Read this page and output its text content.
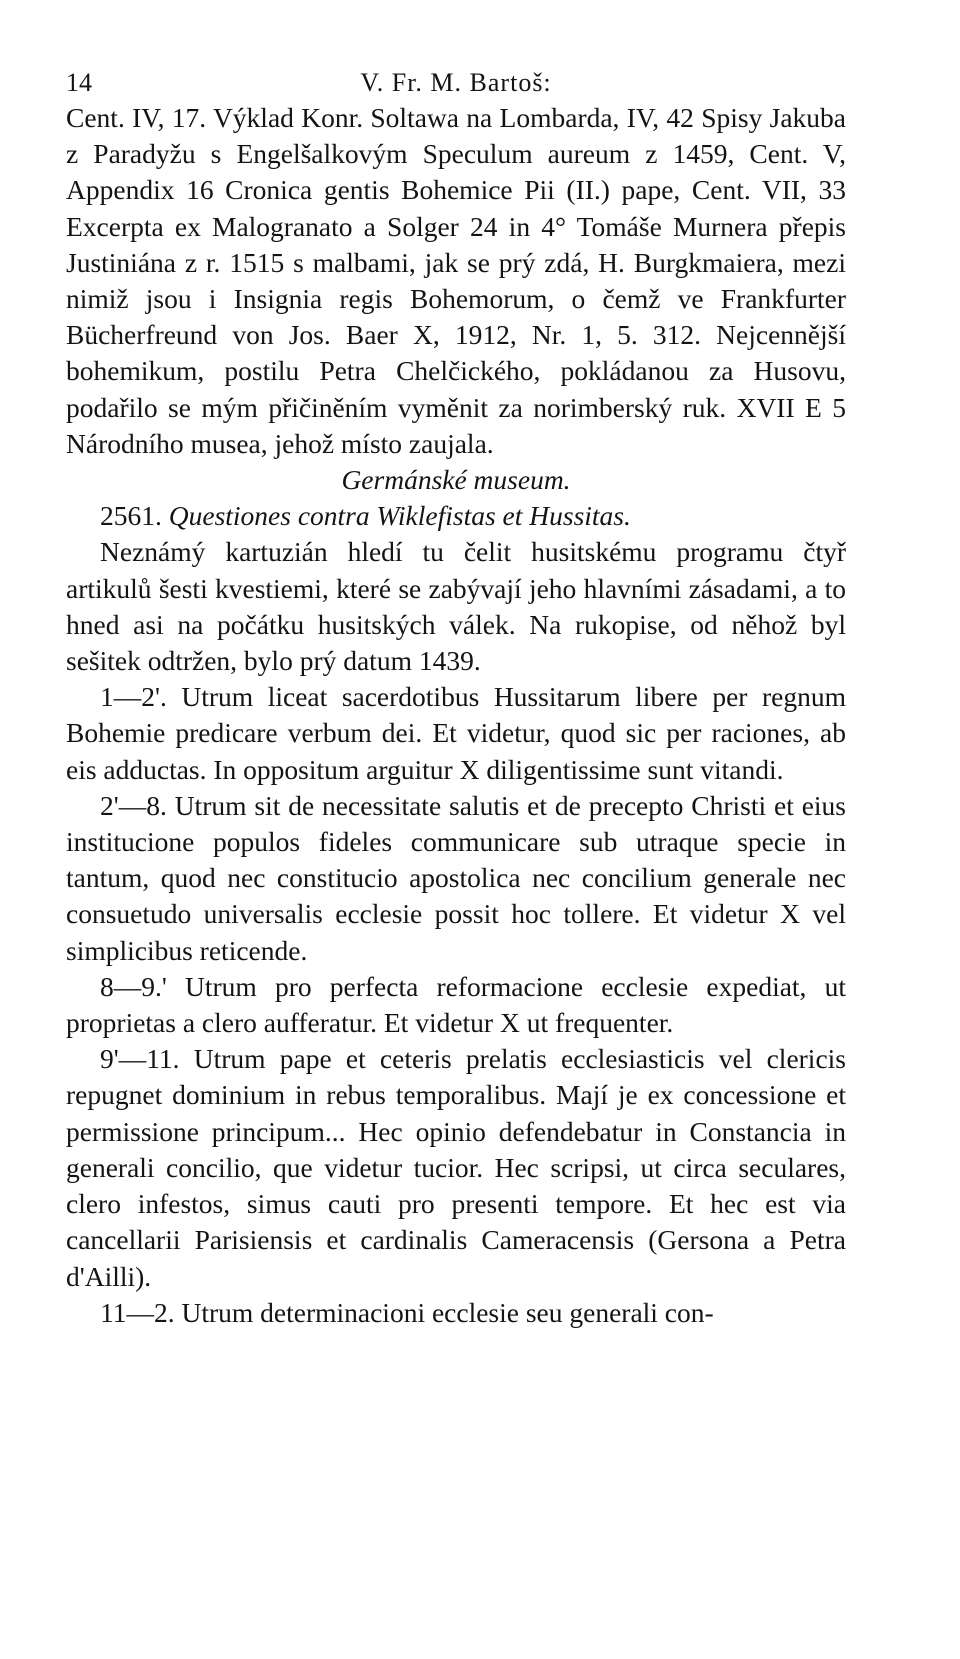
14	V. Fr. M. Bartoš:

Cent. IV, 17. Výklad Konr. Soltawa na Lombarda, IV, 42 Spisy Jakuba z Paradyžu s Engelšalkovým Speculum aureum z 1459, Cent. V, Appendix 16 Cronica gentis Bohemice Pii (II.) pape, Cent. VII, 33 Excerpta ex Malogranato a Solger 24 in 4° Tomáše Murnera přepis Justiniána z r. 1515 s malbami, jak se prý zdá, H. Burgkmaiera, mezi nimiž jsou i Insignia regis Bohemorum, o čemž ve Frankfurter Bücherfreund von Jos. Baer X, 1912, Nr. 1, 5. 312. Nejcennější bohemikum, postilu Petra Chelčického, pokládanou za Husovu, podařilo se mým přičiněním vyměnit za norimberský ruk. XVII E 5 Národního musea, jehož místo zaujala.

Germánské museum.

2561. Questiones contra Wiklefistas et Hussitas.

Neznámý kartuzián hledí tu čelit husitskému programu čtyř artikulů šesti kvestiemi, které se zabývají jeho hlavními zásadami, a to hned asi na počátku husitských válek. Na rukopise, od něhož byl sešitek odtržen, bylo prý datum 1439.

1—2'. Utrum liceat sacerdotibus Hussitarum libere per regnum Bohemie predicare verbum dei. Et videtur, quod sic per raciones, ab eis adductas. In oppositum arguitur X diligentissime sunt vitandi.

2'—8. Utrum sit de necessitate salutis et de precepto Christi et eius institucione populos fideles communicare sub utraque specie in tantum, quod nec constitucio apostolica nec concilium generale nec consuetudo universalis ecclesie possit hoc tollere. Et videtur X vel simplicibus reticende.

8—9.' Utrum pro perfecta reformacione ecclesie expediat, ut proprietas a clero aufferatur. Et videtur X ut frequenter.

9'—11. Utrum pape et ceteris prelatis ecclesiasticis vel clericis repugnet dominium in rebus temporalibus. Mají je ex concessione et permissione principum... Hec opinio defendebatur in Constancia in generali concilio, que videtur tucior. Hec scripsi, ut circa seculares, clero infestos, simus cauti pro presenti tempore. Et hec est via cancellarii Parisiensis et cardinalis Cameracensis (Gersona a Petra d'Ailli).

11—2. Utrum determinacioni ecclesie seu generali con-
